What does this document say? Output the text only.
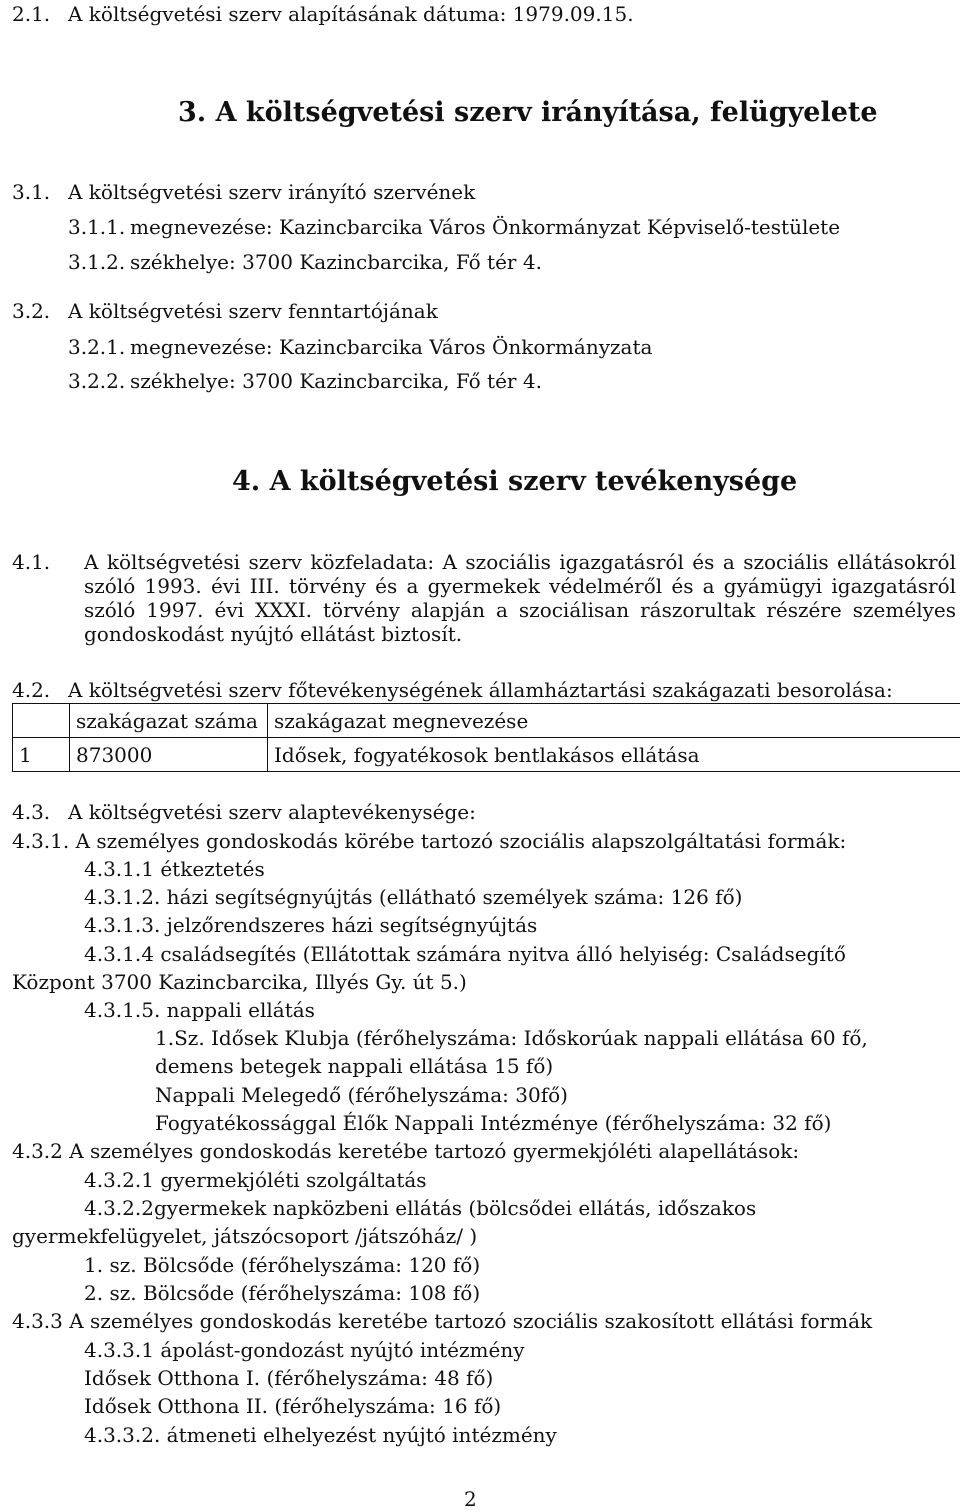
2.1. A költségvetési szerv alapításának dátuma: 1979.09.15.
3. A költségvetési szerv irányítása, felügyelete
3.1. A költségvetési szerv irányító szervének
3.1.1. megnevezése: Kazincbarcika Város Önkormányzat Képviselő-testülete
3.1.2. székhelye: 3700 Kazincbarcika, Fő tér 4.
3.2. A költségvetési szerv fenntartójának
3.2.1. megnevezése: Kazincbarcika Város Önkormányzata
3.2.2. székhelye: 3700 Kazincbarcika, Fő tér 4.
4. A költségvetési szerv tevékenysége
4.1. A költségvetési szerv közfeladata: A szociális igazgatásról és a szociális ellátásokról szóló 1993. évi III. törvény és a gyermekek védelméről és a gyámügyi igazgatásról szóló 1997. évi XXXI. törvény alapján a szociálisan rászorultak részére személyes gondoskodást nyújtó ellátást biztosít.

4.2. A költségvetési szerv főtevékenységének államháztartási szakágazati besorolása:
	szakágazat száma	szakágazat megnevezése
1	873000	Idősek, fogyatékosok bentlakásos ellátása
4.3. A költségvetési szerv alaptevékenysége:
4.3.1. A személyes gondoskodás körébe tartozó szociális alapszolgáltatási formák:
4.3.1.1 étkeztetés
4.3.1.2. házi segítségnyújtás (ellátható személyek száma: 126 fő)
4.3.1.3. jelzőrendszeres házi segítségnyújtás
4.3.1.4 családsegítés (Ellátottak számára nyitva álló helyiség: Családsegítő
Központ 3700 Kazincbarcika, Illyés Gy. út 5.)
4.3.1.5. nappali ellátás
1.Sz. Idősek Klubja (férőhelyszáma: Időskorúak nappali ellátása 60 fő,
demens betegek nappali ellátása 15 fő)
Nappali Melegedő (férőhelyszáma: 30fő)
Fogyatékossággal Élők Nappali Intézménye (férőhelyszáma: 32 fő)
4.3.2 A személyes gondoskodás keretébe tartozó gyermekjóléti alapellátások:
4.3.2.1 gyermekjóléti szolgáltatás
4.3.2.2gyermekek napközbeni ellátás (bölcsődei ellátás, időszakos
gyermekfelügyelet, játszócsoport /játszóház/ )
1. sz. Bölcsőde (férőhelyszáma: 120 fő)
2. sz. Bölcsőde (férőhelyszáma: 108 fő)
4.3.3 A személyes gondoskodás keretébe tartozó szociális szakosított ellátási formák
4.3.3.1 ápolást-gondozást nyújtó intézmény
Idősek Otthona I. (férőhelyszáma: 48 fő)
Idősek Otthona II. (férőhelyszáma: 16 fő)
4.3.3.2. átmeneti elhelyezést nyújtó intézmény
2
